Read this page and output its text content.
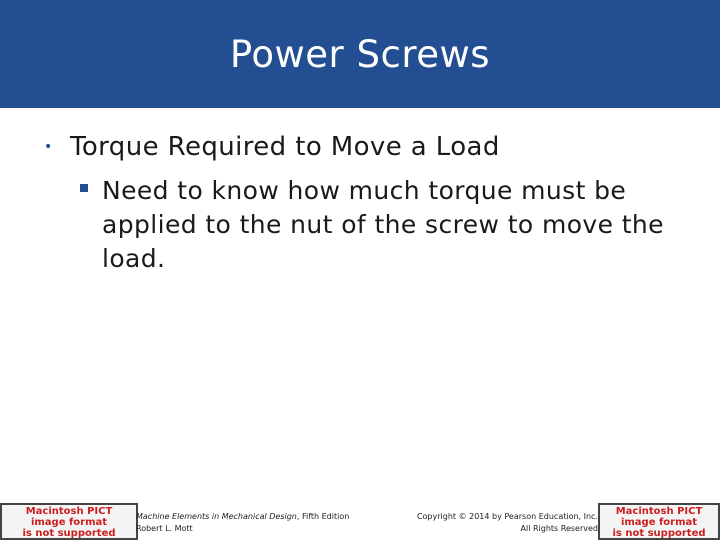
Power Screws
• Torque Required to Move a Load
Need to know how much torque must be applied to the nut of the screw to move the load.
Macintosh PICT
image format
is not supported
Machine Elements in Mechanical Design, Fifth Edition
Robert L. Mott
Copyright © 2014 by Pearson Education, Inc.
All Rights Reserved
Macintosh PICT
image format
is not supported
